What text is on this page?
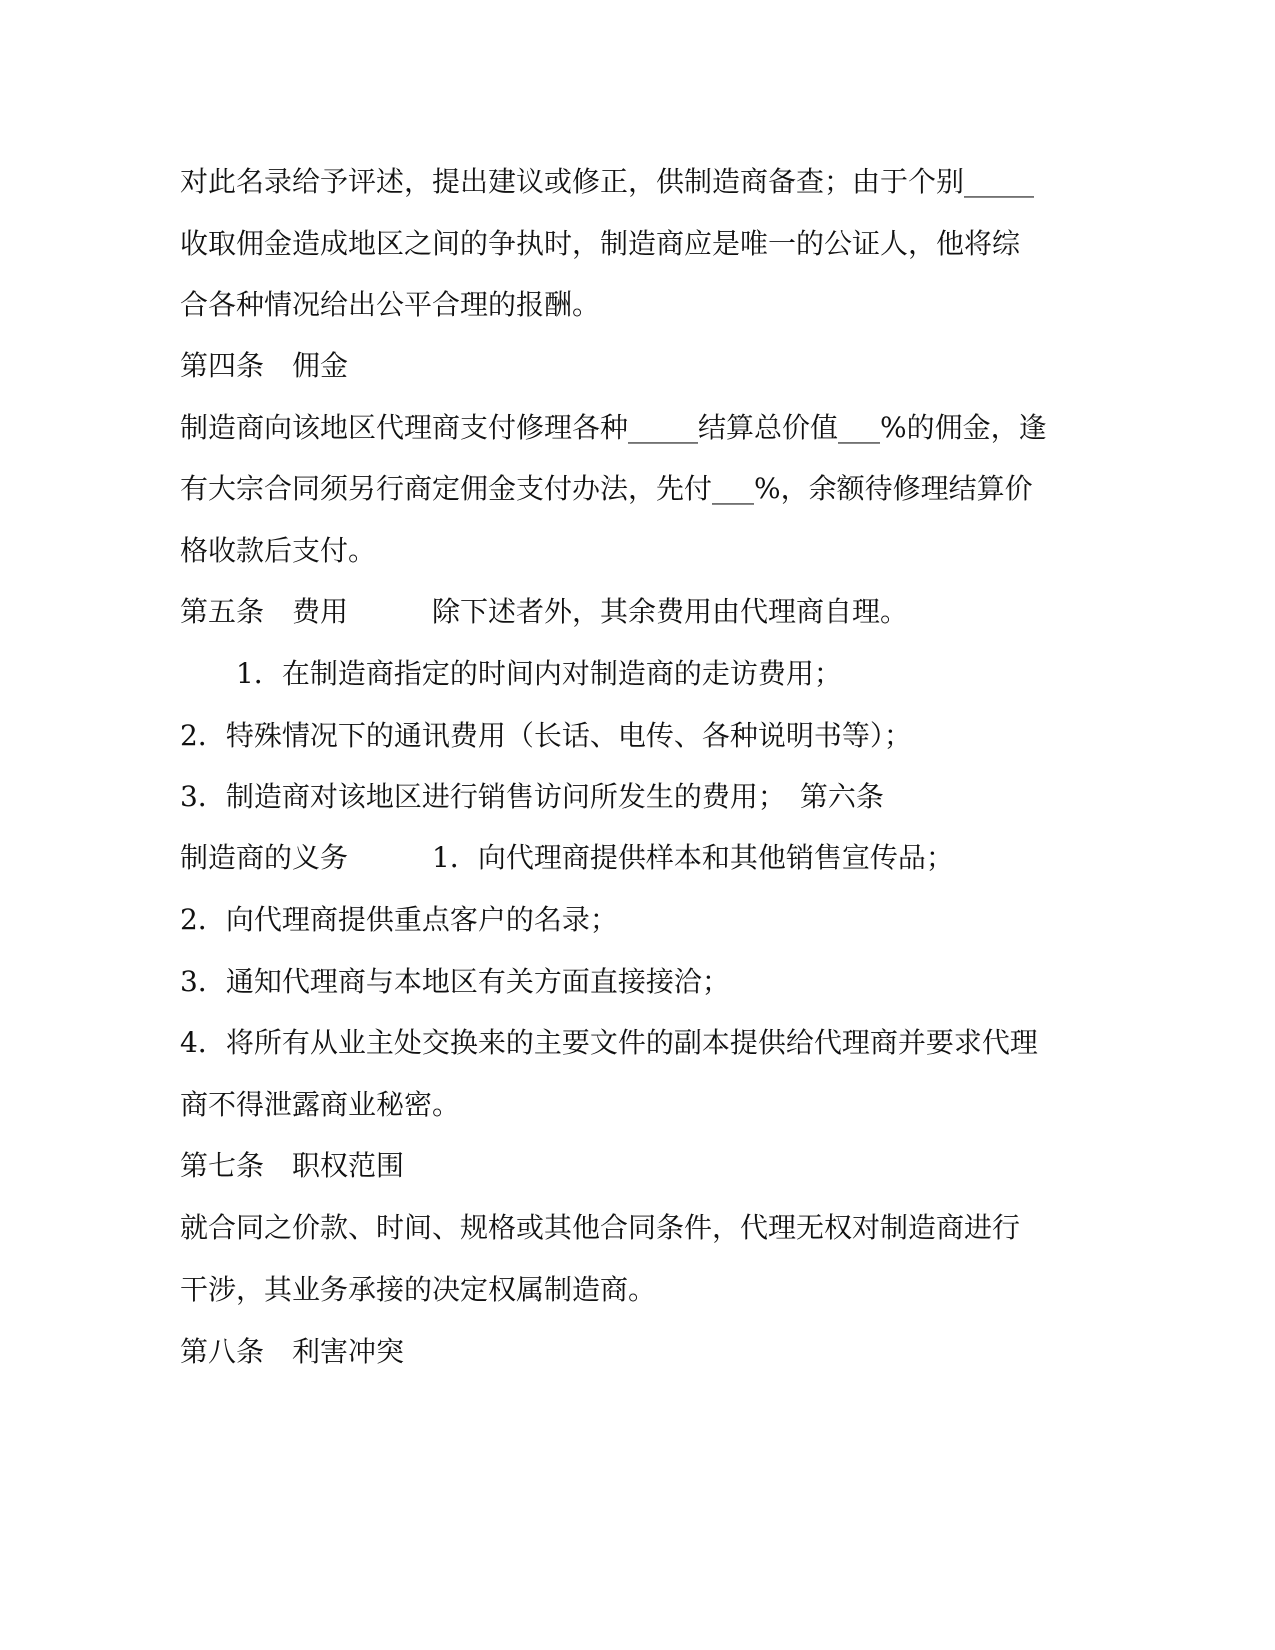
对此名录给予评述，提出建议或修正，供制造商备查；由于个别_____

收取佣金造成地区之间的争执时，制造商应是唯一的公证人，他将综

合各种情况给出公平合理的报酬。

第四条　佣金

制造商向该地区代理商支付修理各种_____结算总价值___%的佣金，逢

有大宗合同须另行商定佣金支付办法，先付___%，余额待修理结算价

格收款后支付。

第五条　费用　　　除下述者外，其余费用由代理商自理。

　　1．在制造商指定的时间内对制造商的走访费用；

2．特殊情况下的通讯费用（长话、电传、各种说明书等）；

3．制造商对该地区进行销售访问所发生的费用；　第六条

制造商的义务　　　1．向代理商提供样本和其他销售宣传品；

2．向代理商提供重点客户的名录；

3．通知代理商与本地区有关方面直接接洽；

4．将所有从业主处交换来的主要文件的副本提供给代理商并要求代理

商不得泄露商业秘密。

第七条　职权范围

就合同之价款、时间、规格或其他合同条件，代理无权对制造商进行

干涉，其业务承接的决定权属制造商。

第八条　利害冲突
